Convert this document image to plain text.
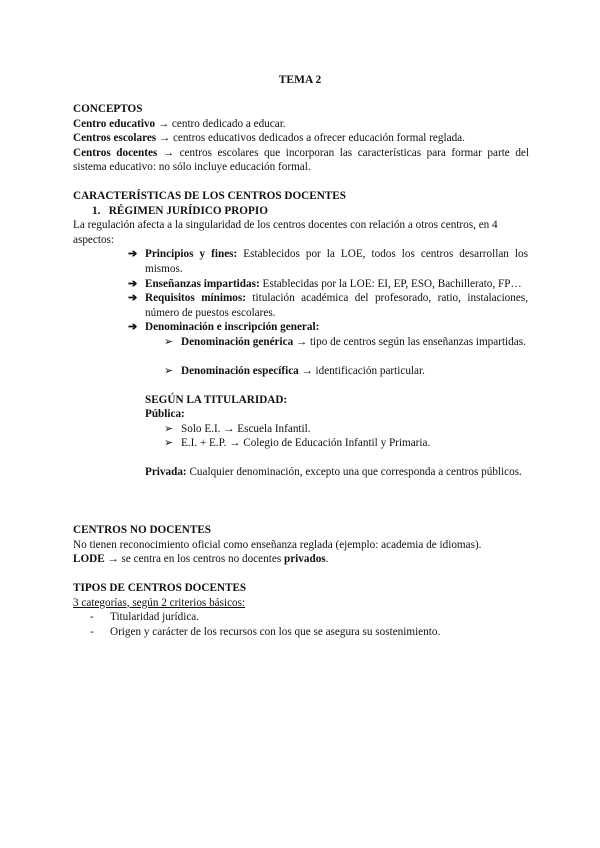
TEMA 2
CONCEPTOS
Centro educativo → centro dedicado a educar.
Centros escolares → centros educativos dedicados a ofrecer educación formal reglada.
Centros docentes → centros escolares que incorporan las características para formar parte del sistema educativo: no sólo incluye educación formal.
CARACTERÍSTICAS DE LOS CENTROS DOCENTES
1. RÉGIMEN JURÍDICO PROPIO
La regulación afecta a la singularidad de los centros docentes con relación a otros centros, en 4 aspectos:
➔ Principios y fines: Establecidos por la LOE, todos los centros desarrollan los mismos.
➔ Enseñanzas impartidas: Establecidas por la LOE: EI, EP, ESO, Bachillerato, FP…
➔ Requisitos mínimos: titulación académica del profesorado, ratio, instalaciones, número de puestos escolares.
➔ Denominación e inscripción general:
➢ Denominación genérica → tipo de centros según las enseñanzas impartidas.
➢ Denominación específica → identificación particular.
SEGÚN LA TITULARIDAD:
Pública:
➢ Solo E.I. → Escuela Infantil.
➢ E.I. + E.P. → Colegio de Educación Infantil y Primaria.
Privada: Cualquier denominación, excepto una que corresponda a centros públicos.
CENTROS NO DOCENTES
No tienen reconocimiento oficial como enseñanza reglada (ejemplo: academia de idiomas).
LODE → se centra en los centros no docentes privados.
TIPOS DE CENTROS DOCENTES
3 categorías, según 2 criterios básicos:
- Titularidad jurídica.
- Origen y carácter de los recursos con los que se asegura su sostenimiento.
